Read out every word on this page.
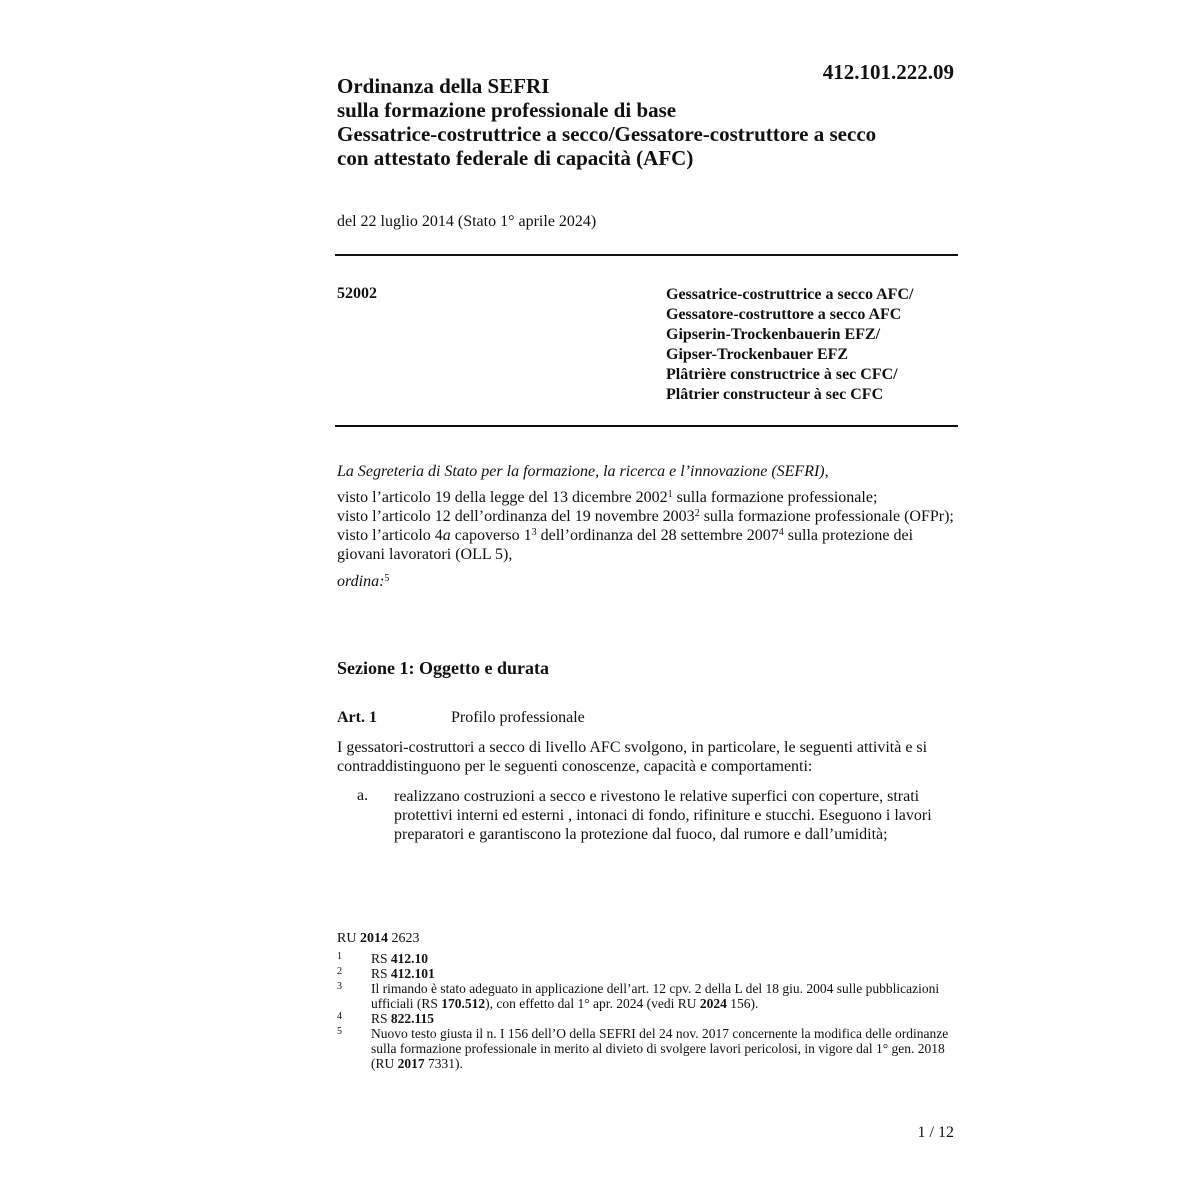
412.101.222.09
Ordinanza della SEFRI
sulla formazione professionale di base
Gessatrice-costruttrice a secco/Gessatore-costruttore a secco
con attestato federale di capacità (AFC)
del 22 luglio 2014 (Stato 1° aprile 2024)
52002	Gessatrice-costruttrice a secco AFC/
Gessatore-costruttore a secco AFC
Gipserin-Trockenbauerin EFZ/
Gipser-Trockenbauer EFZ
Plâtrière constructrice à sec CFC/
Plâtrier constructeur à sec CFC
La Segreteria di Stato per la formazione, la ricerca e l’innovazione (SEFRI),
visto l’articolo 19 della legge del 13 dicembre 2002$^1$ sulla formazione professionale;
visto l’articolo 12 dell’ordinanza del 19 novembre 2003$^2$ sulla formazione professionale (OFPr);
visto l’articolo 4a capoverso $1^3$ dell’ordinanza del 28 settembre 2007$^4$ sulla protezione dei giovani lavoratori (OLL 5),
ordina:$^5$
Sezione 1: Oggetto e durata
Art. 1	Profilo professionale
I gessatori-costruttori a secco di livello AFC svolgono, in particolare, le seguenti attività e si contraddistinguono per le seguenti conoscenze, capacità e comportamenti:
a. realizzano costruzioni a secco e rivestono le relative superfici con coperture, strati protettivi interni ed esterni , intonaci di fondo, rifiniture e stucchi. Eseguono i lavori preparatori e garantiscono la protezione dal fuoco, dal rumore e dall’umidità;
RU 2014 2623
1	RS 412.10
2	RS 412.101
3	Il rimando è stato adeguato in applicazione dell’art. 12 cpv. 2 della L del 18 giu. 2004 sulle pubblicazioni ufficiali (RS 170.512), con effetto dal 1° apr. 2024 (vedi RU 2024 156).
4	RS 822.115
5	Nuovo testo giusta il n. I 156 dell’O della SEFRI del 24 nov. 2017 concernente la modifica delle ordinanze sulla formazione professionale in merito al divieto di svolgere lavori pericolosi, in vigore dal 1° gen. 2018 (RU 2017 7331).
1 / 12
